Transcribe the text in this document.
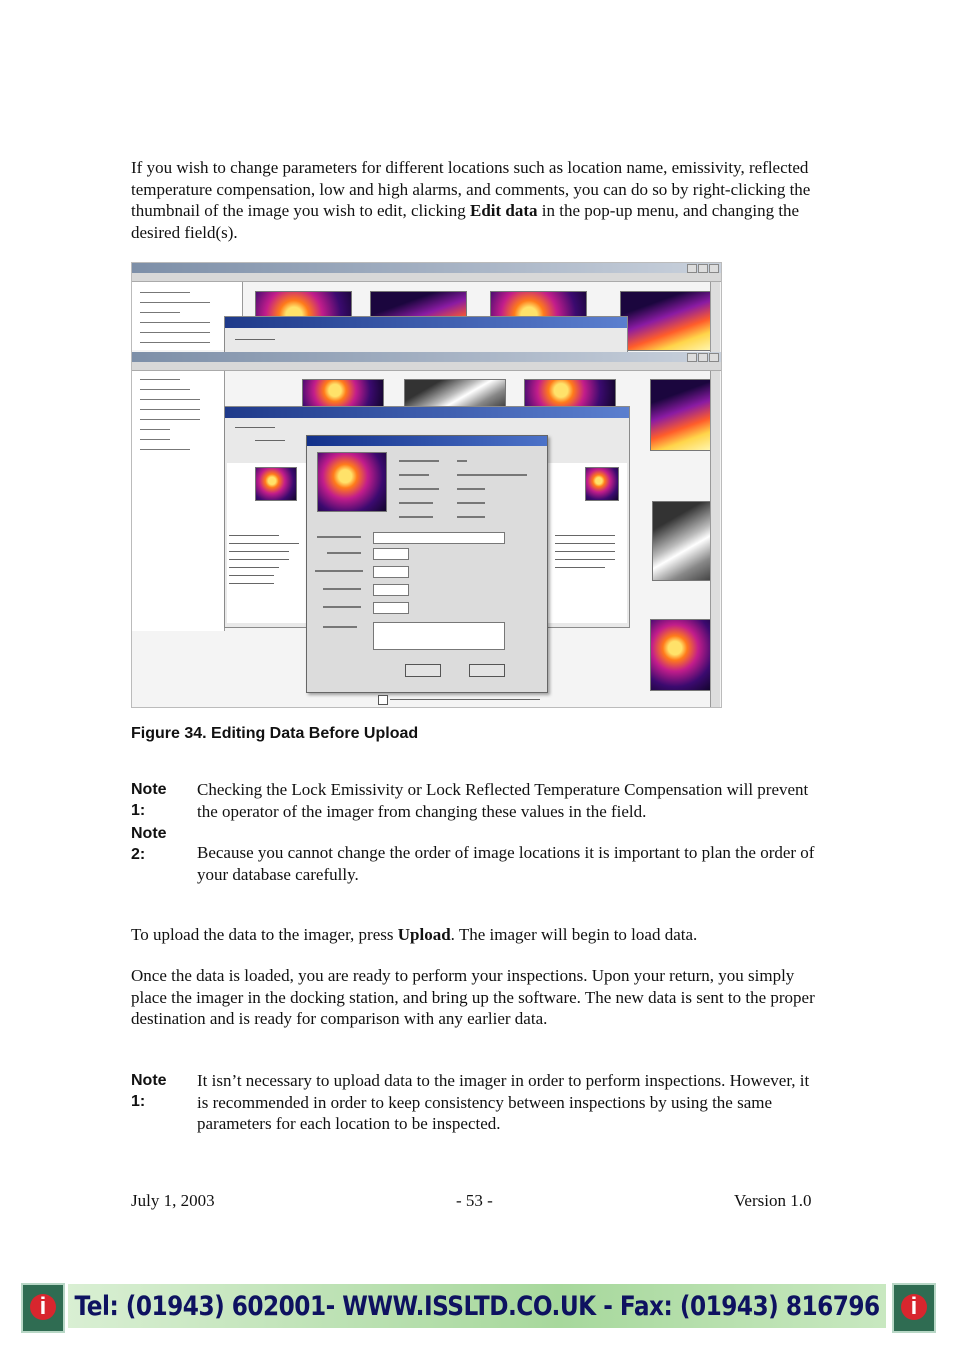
If you wish to change parameters for different locations such as location name, emissivity, reflected temperature compensation, low and high alarms, and comments, you can do so by right-clicking the thumbnail of the image you wish to edit, clicking Edit data in the pop-up menu, and changing the desired field(s).

Figure 34. Editing Data Before Upload
Note 1:

Checking the Lock Emissivity or Lock Reflected Temperature Compensation will prevent the operator of the imager from changing these values in the field.

Note 2:	Because you cannot change the order of image locations it is important to plan the order of your database carefully.

To upload the data to the imager, press Upload. The imager will begin to load data.

Once the data is loaded, you are ready to perform your inspections. Upon your return, you simply place the imager in the docking station, and bring up the software. The new data is sent to the proper destination and is ready for comparison with any earlier data.

Note 1:

It isn’t necessary to upload data to the imager in order to perform inspections. However, it is recommended in order to keep consistency between inspections by using the same parameters for each location to be inspected.

July 1, 2003	- 53 -	Version 1.0
i	Tel: (01943) 602001- WWW.ISSLTD.CO.UK - Fax: (01943) 816796	i
